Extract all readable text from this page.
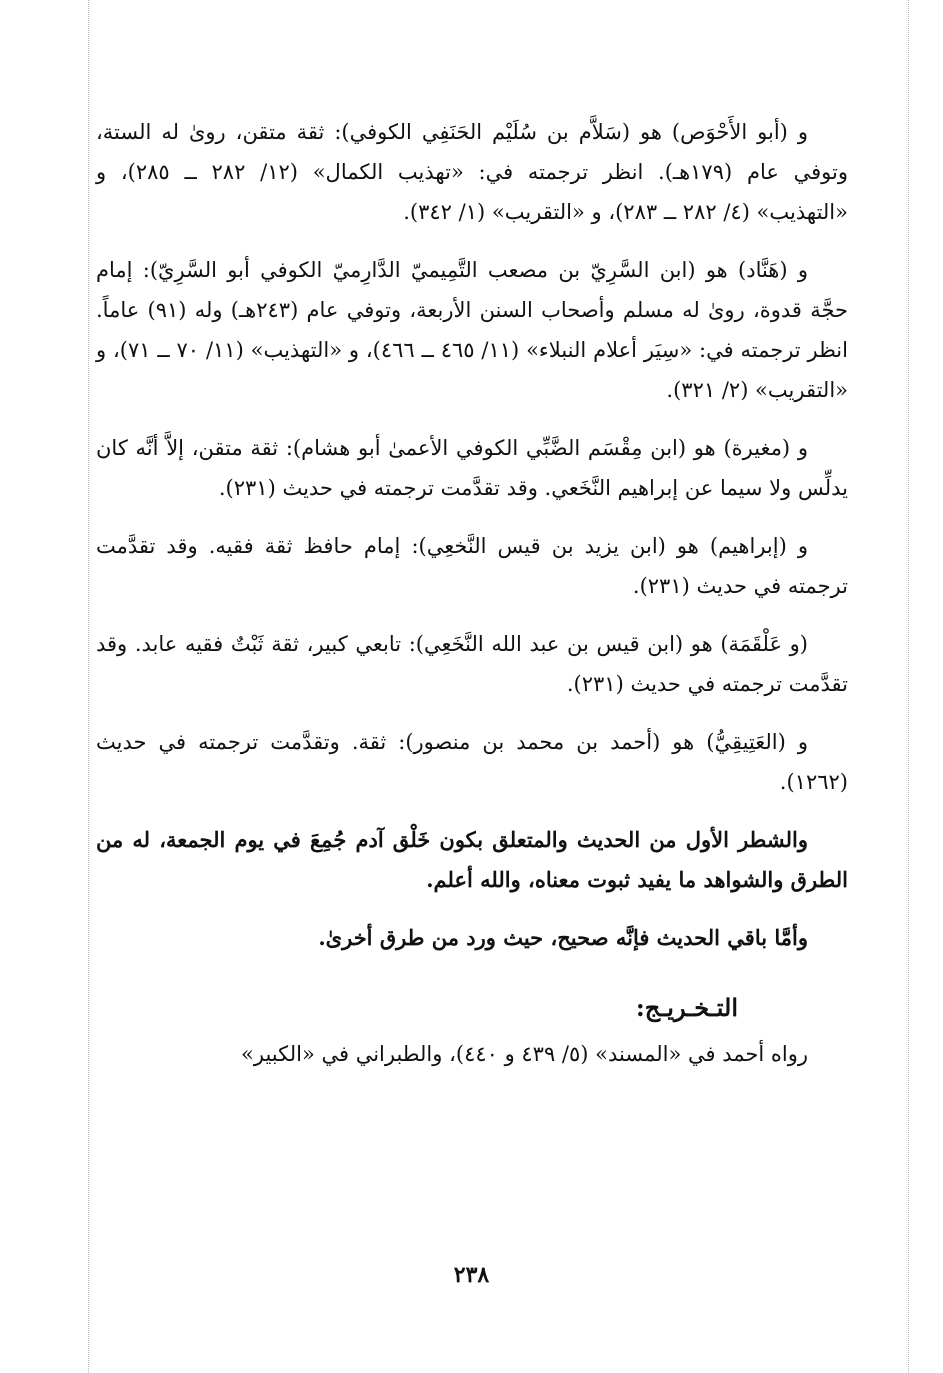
و (أبو الأَحْوَص) هو (سَلاَّم بن سُلَيْم الحَنَفِي الكوفي): ثقة متقن، روىٰ له الستة، وتوفي عام (١٧٩هـ). انظر ترجمته في: «تهذيب الكمال» (١٢/ ٢٨٢ ــ ٢٨٥)، و «التهذيب» (٤/ ٢٨٢ ــ ٢٨٣)، و «التقريب» (١/ ٣٤٢).

و (هَنَّاد) هو (ابن السَّرِيّ بن مصعب التَّمِيميّ الدَّارِميّ الكوفي أبو السَّرِيّ): إمام حجَّة قدوة، روىٰ له مسلم وأصحاب السنن الأربعة، وتوفي عام (٢٤٣هـ) وله (٩١) عاماً. انظر ترجمته في: «سِيَر أعلام النبلاء» (١١/ ٤٦٥ ــ ٤٦٦)، و «التهذيب» (١١/ ٧٠ ــ ٧١)، و «التقريب» (٢/ ٣٢١).

و (مغيرة) هو (ابن مِقْسَم الضَّبِّي الكوفي الأعمىٰ أبو هشام): ثقة متقن، إلاَّ أنَّه كان يدلِّس ولا سيما عن إبراهيم النَّخَعي. وقد تقدَّمت ترجمته في حديث (٢٣١).

و (إبراهيم) هو (ابن يزيد بن قيس النَّخعِي): إمام حافظ ثقة فقيه. وقد تقدَّمت ترجمته في حديث (٢٣١).

(و عَلْقَمَة) هو (ابن قيس بن عبد الله النَّخَعِي): تابعي كبير، ثقة ثَبْتٌ فقيه عابد. وقد تقدَّمت ترجمته في حديث (٢٣١).

و (العَتِيقِيُّ) هو (أحمد بن محمد بن منصور): ثقة. وتقدَّمت ترجمته في حديث (١٢٦٢).

والشطر الأول من الحديث والمتعلق بكون خَلْق آدم جُمِعَ في يوم الجمعة، له من الطرق والشواهد ما يفيد ثبوت معناه، والله أعلم.

وأمَّا باقي الحديث فإنَّه صحيح، حيث ورد من طرق أخرىٰ.

التـخـريـج:

رواه أحمد في «المسند» (٥/ ٤٣٩ و ٤٤٠)، والطبراني في «الكبير»

٢٣٨
